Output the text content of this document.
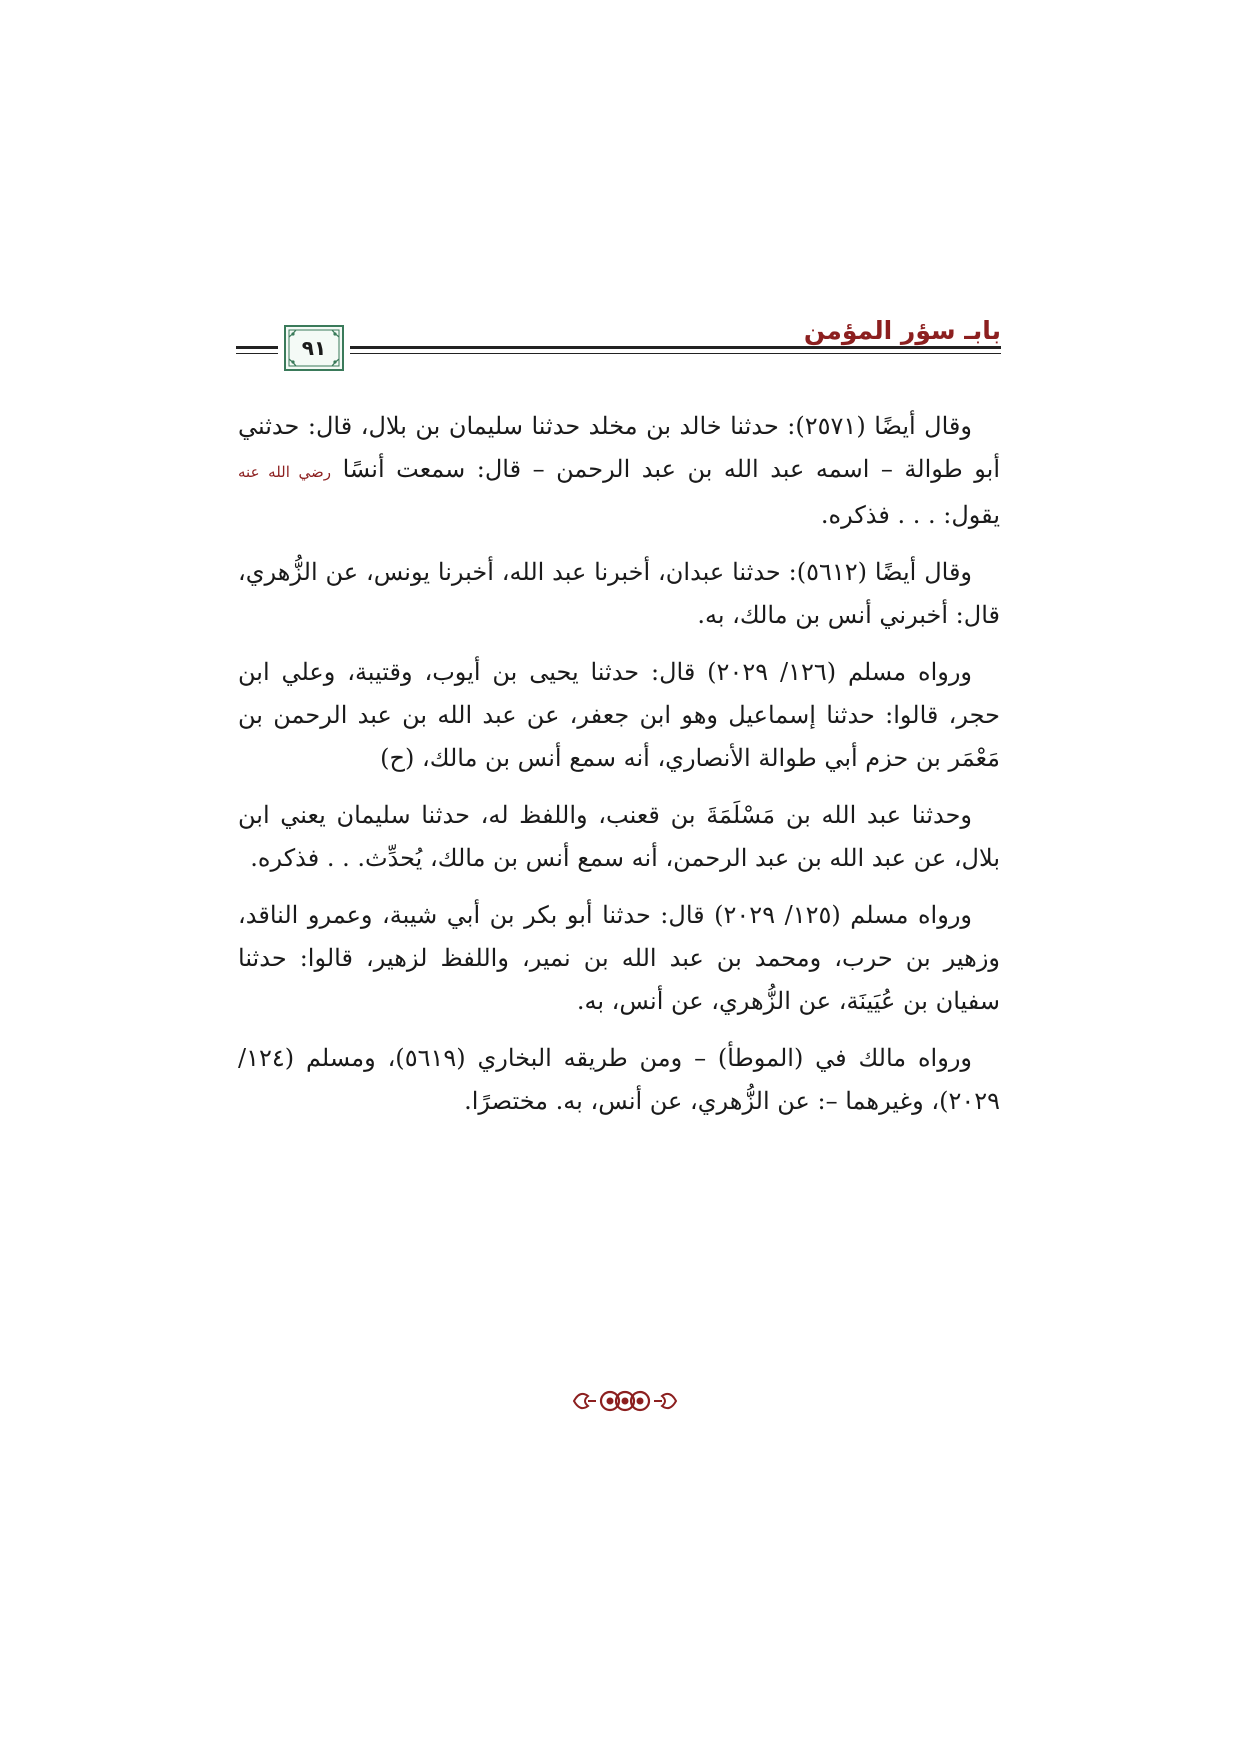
٩١
بابـ سؤر المؤمن

وقال أيضًا (٢٥٧١): حدثنا خالد بن مخلد حدثنا سليمان بن بلال، قال: حدثني أبو طوالة – اسمه عبد الله بن عبد الرحمن – قال: سمعت أنسًا رضي الله عنه يقول: . . . فذكره.

وقال أيضًا (٥٦١٢): حدثنا عبدان، أخبرنا عبد الله، أخبرنا يونس، عن الزُّهري، قال: أخبرني أنس بن مالك، به.

ورواه مسلم (١٢٦/ ٢٠٢٩) قال: حدثنا يحيى بن أيوب، وقتيبة، وعلي ابن حجر، قالوا: حدثنا إسماعيل وهو ابن جعفر، عن عبد الله بن عبد الرحمن بن مَعْمَر بن حزم أبي طوالة الأنصاري، أنه سمع أنس بن مالك، (ح)

وحدثنا عبد الله بن مَسْلَمَةَ بن قعنب، واللفظ له، حدثنا سليمان يعني ابن بلال، عن عبد الله بن عبد الرحمن، أنه سمع أنس بن مالك، يُحدِّث. . . فذكره.

ورواه مسلم (١٢٥/ ٢٠٢٩) قال: حدثنا أبو بكر بن أبي شيبة، وعمرو الناقد، وزهير بن حرب، ومحمد بن عبد الله بن نمير، واللفظ لزهير، قالوا: حدثنا سفيان بن عُيَينَة، عن الزُّهري، عن أنس، به.

ورواه مالك في (الموطأ) – ومن طريقه البخاري (٥٦١٩)، ومسلم (١٢٤/ ٢٠٢٩)، وغيرهما –: عن الزُّهري، عن أنس، به. مختصرًا.
